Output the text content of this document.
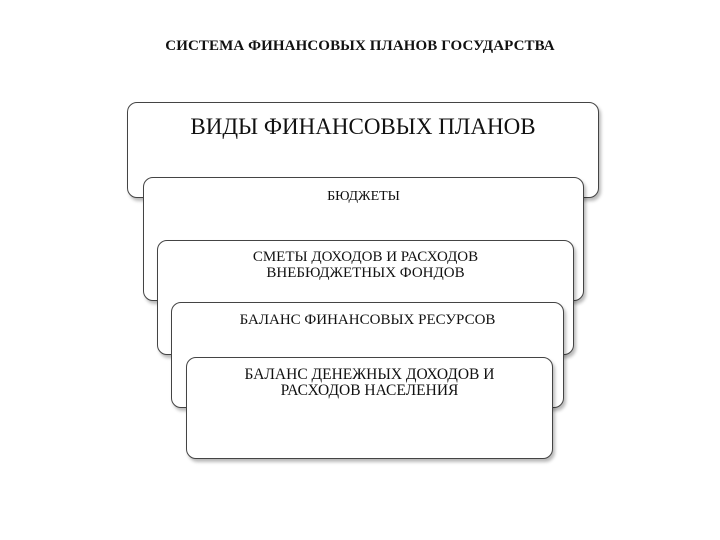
СИСТЕМА ФИНАНСОВЫХ ПЛАНОВ ГОСУДАРСТВА
ВИДЫ ФИНАНСОВЫХ ПЛАНОВ
БЮДЖЕТЫ
СМЕТЫ ДОХОДОВ И РАСХОДОВ
ВНЕБЮДЖЕТНЫХ ФОНДОВ
БАЛАНС ФИНАНСОВЫХ РЕСУРСОВ
БАЛАНС ДЕНЕЖНЫХ ДОХОДОВ И
РАСХОДОВ НАСЕЛЕНИЯ
